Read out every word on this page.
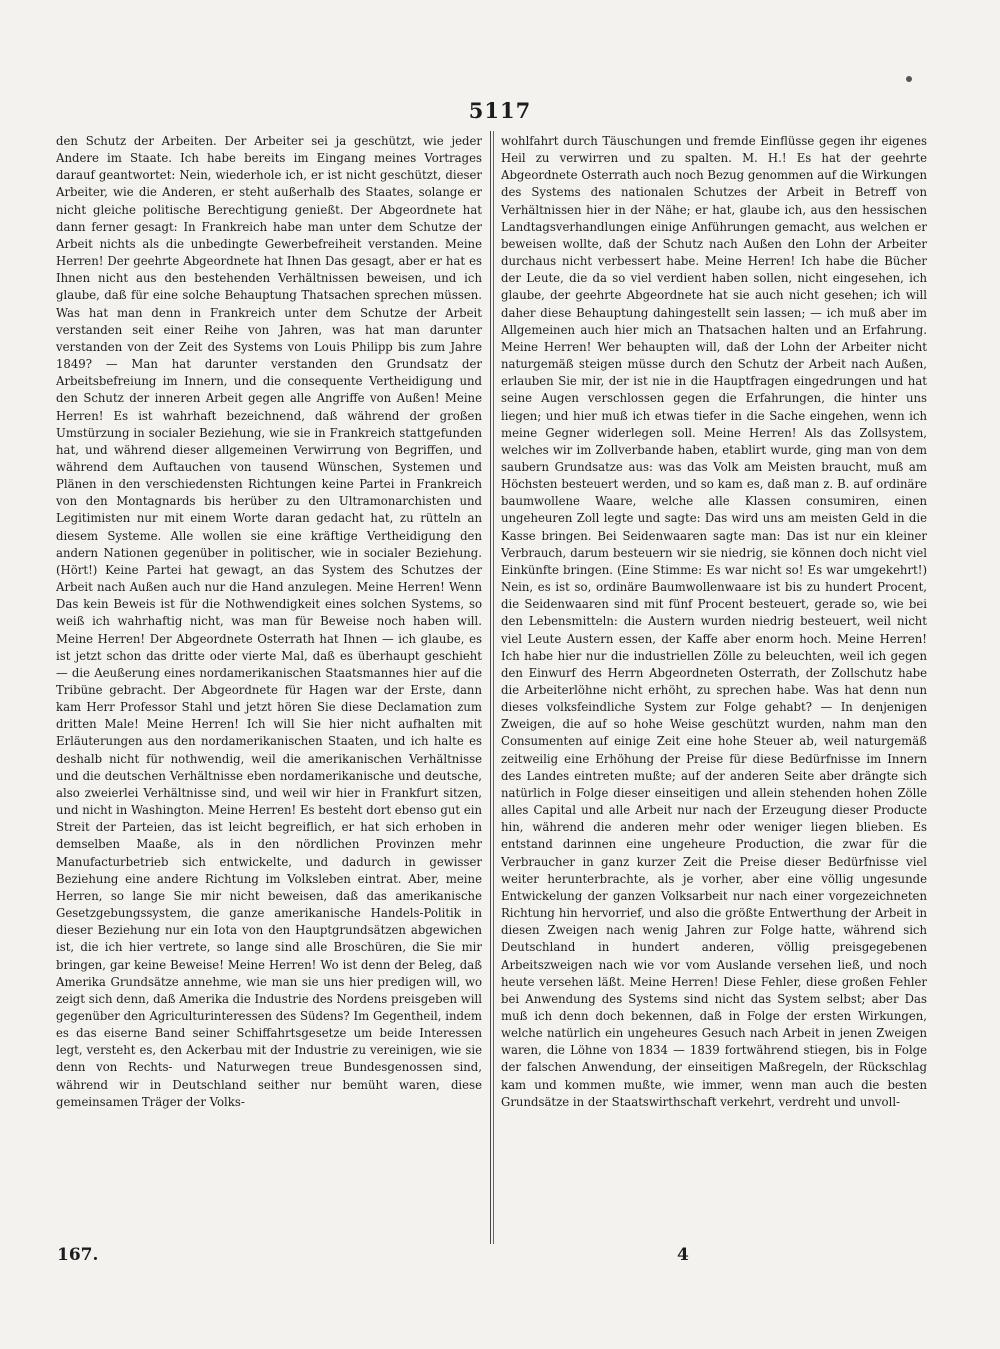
5117
den Schutz der Arbeiten. Der Arbeiter sei ja geschützt, wie jeder Andere im Staate. Ich habe bereits im Eingang meines Vortrages darauf geantwortet: Nein, wiederhole ich, er ist nicht geschützt, dieser Arbeiter, wie die Anderen, er steht außerhalb des Staates, solange er nicht gleiche politische Berechtigung genießt. Der Abgeordnete hat dann ferner gesagt: In Frankreich habe man unter dem Schutze der Arbeit nichts als die unbedingte Gewerbefreiheit verstanden. Meine Herren! Der geehrte Abgeordnete hat Ihnen Das gesagt, aber er hat es Ihnen nicht aus den bestehenden Verhältnissen beweisen, und ich glaube, daß für eine solche Behauptung Thatsachen sprechen müssen. Was hat man denn in Frankreich unter dem Schutze der Arbeit verstanden seit einer Reihe von Jahren, was hat man darunter verstanden von der Zeit des Systems von Louis Philipp bis zum Jahre 1849? — Man hat darunter verstanden den Grundsatz der Arbeitsbefreiung im Innern, und die consequente Vertheidigung und den Schutz der inneren Arbeit gegen alle Angriffe von Außen! Meine Herren! Es ist wahrhaft bezeichnend, daß während der großen Umstürzung in socialer Beziehung, wie sie in Frankreich stattgefunden hat, und während dieser allgemeinen Verwirrung von Begriffen, und während dem Auftauchen von tausend Wünschen, Systemen und Plänen in den verschiedensten Richtungen keine Partei in Frankreich von den Montagnards bis herüber zu den Ultramonarchisten und Legitimisten nur mit einem Worte daran gedacht hat, zu rütteln an diesem Systeme. Alle wollen sie eine kräftige Vertheidigung den andern Nationen gegenüber in politischer, wie in socialer Beziehung. (Hört!) Keine Partei hat gewagt, an das System des Schutzes der Arbeit nach Außen auch nur die Hand anzulegen. Meine Herren! Wenn Das kein Beweis ist für die Nothwendigkeit eines solchen Systems, so weiß ich wahrhaftig nicht, was man für Beweise noch haben will. Meine Herren! Der Abgeordnete Osterrath hat Ihnen — ich glaube, es ist jetzt schon das dritte oder vierte Mal, daß es überhaupt geschieht — die Aeußerung eines nordamerikanischen Staatsmannes hier auf die Tribüne gebracht. Der Abgeordnete für Hagen war der Erste, dann kam Herr Professor Stahl und jetzt hören Sie diese Declamation zum dritten Male! Meine Herren! Ich will Sie hier nicht aufhalten mit Erläuterungen aus den nordamerikanischen Staaten, und ich halte es deshalb nicht für nothwendig, weil die amerikanischen Verhältnisse und die deutschen Verhältnisse eben nordamerikanische und deutsche, also zweierlei Verhältnisse sind, und weil wir hier in Frankfurt sitzen, und nicht in Washington. Meine Herren! Es besteht dort ebenso gut ein Streit der Parteien, das ist leicht begreiflich, er hat sich erhoben in demselben Maaße, als in den nördlichen Provinzen mehr Manufacturbetrieb sich entwickelte, und dadurch in gewisser Beziehung eine andere Richtung im Volksleben eintrat. Aber, meine Herren, so lange Sie mir nicht beweisen, daß das amerikanische Gesetzgebungssystem, die ganze amerikanische Handels-Politik in dieser Beziehung nur ein Iota von den Hauptgrundsätzen abgewichen ist, die ich hier vertrete, so lange sind alle Broschüren, die Sie mir bringen, gar keine Beweise! Meine Herren! Wo ist denn der Beleg, daß Amerika Grundsätze annehme, wie man sie uns hier predigen will, wo zeigt sich denn, daß Amerika die Industrie des Nordens preisgeben will gegenüber den Agriculturinteressen des Südens? Im Gegentheil, indem es das eiserne Band seiner Schiffahrtsgesetze um beide Interessen legt, versteht es, den Ackerbau mit der Industrie zu vereinigen, wie sie denn von Rechts- und Naturwegen treue Bundesgenossen sind, während wir in Deutschland seither nur bemüht waren, diese gemeinsamen Träger der Volks-
wohlfahrt durch Täuschungen und fremde Einflüsse gegen ihr eigenes Heil zu verwirren und zu spalten. M. H.! Es hat der geehrte Abgeordnete Osterrath auch noch Bezug genommen auf die Wirkungen des Systems des nationalen Schutzes der Arbeit in Betreff von Verhältnissen hier in der Nähe; er hat, glaube ich, aus den hessischen Landtagsverhandlungen einige Anführungen gemacht, aus welchen er beweisen wollte, daß der Schutz nach Außen den Lohn der Arbeiter durchaus nicht verbessert habe. Meine Herren! Ich habe die Bücher der Leute, die da so viel verdient haben sollen, nicht eingesehen, ich glaube, der geehrte Abgeordnete hat sie auch nicht gesehen; ich will daher diese Behauptung dahingestellt sein lassen; — ich muß aber im Allgemeinen auch hier mich an Thatsachen halten und an Erfahrung. Meine Herren! Wer behaupten will, daß der Lohn der Arbeiter nicht naturgemäß steigen müsse durch den Schutz der Arbeit nach Außen, erlauben Sie mir, der ist nie in die Hauptfragen eingedrungen und hat seine Augen verschlossen gegen die Erfahrungen, die hinter uns liegen; und hier muß ich etwas tiefer in die Sache eingehen, wenn ich meine Gegner widerlegen soll. Meine Herren! Als das Zollsystem, welches wir im Zollverbande haben, etablirt wurde, ging man von dem saubern Grundsatze aus: was das Volk am Meisten braucht, muß am Höchsten besteuert werden, und so kam es, daß man z. B. auf ordinäre baumwollene Waare, welche alle Klassen consumiren, einen ungeheuren Zoll legte und sagte: Das wird uns am meisten Geld in die Kasse bringen. Bei Seidenwaaren sagte man: Das ist nur ein kleiner Verbrauch, darum besteuern wir sie niedrig, sie können doch nicht viel Einkünfte bringen. (Eine Stimme: Es war nicht so! Es war umgekehrt!) Nein, es ist so, ordinäre Baumwollenwaare ist bis zu hundert Procent, die Seidenwaaren sind mit fünf Procent besteuert, gerade so, wie bei den Lebensmitteln: die Austern wurden niedrig besteuert, weil nicht viel Leute Austern essen, der Kaffe aber enorm hoch. Meine Herren! Ich habe hier nur die industriellen Zölle zu beleuchten, weil ich gegen den Einwurf des Herrn Abgeordneten Osterrath, der Zollschutz habe die Arbeiterlöhne nicht erhöht, zu sprechen habe. Was hat denn nun dieses volksfeindliche System zur Folge gehabt? — In denjenigen Zweigen, die auf so hohe Weise geschützt wurden, nahm man den Consumenten auf einige Zeit eine hohe Steuer ab, weil naturgemäß zeitweilig eine Erhöhung der Preise für diese Bedürfnisse im Innern des Landes eintreten mußte; auf der anderen Seite aber drängte sich natürlich in Folge dieser einseitigen und allein stehenden hohen Zölle alles Capital und alle Arbeit nur nach der Erzeugung dieser Producte hin, während die anderen mehr oder weniger liegen blieben. Es entstand darinnen eine ungeheure Production, die zwar für die Verbraucher in ganz kurzer Zeit die Preise dieser Bedürfnisse viel weiter herunterbrachte, als je vorher, aber eine völlig ungesunde Entwickelung der ganzen Volksarbeit nur nach einer vorgezeichneten Richtung hin hervorrief, und also die größte Entwerthung der Arbeit in diesen Zweigen nach wenig Jahren zur Folge hatte, während sich Deutschland in hundert anderen, völlig preisgegebenen Arbeitszweigen nach wie vor vom Auslande versehen ließ, und noch heute versehen läßt. Meine Herren! Diese Fehler, diese großen Fehler bei Anwendung des Systems sind nicht das System selbst; aber Das muß ich denn doch bekennen, daß in Folge der ersten Wirkungen, welche natürlich ein ungeheures Gesuch nach Arbeit in jenen Zweigen waren, die Löhne von 1834 — 1839 fortwährend stiegen, bis in Folge der falschen Anwendung, der einseitigen Maßregeln, der Rückschlag kam und kommen mußte, wie immer, wenn man auch die besten Grundsätze in der Staatswirthschaft verkehrt, verdreht und unvoll-
167.	4
